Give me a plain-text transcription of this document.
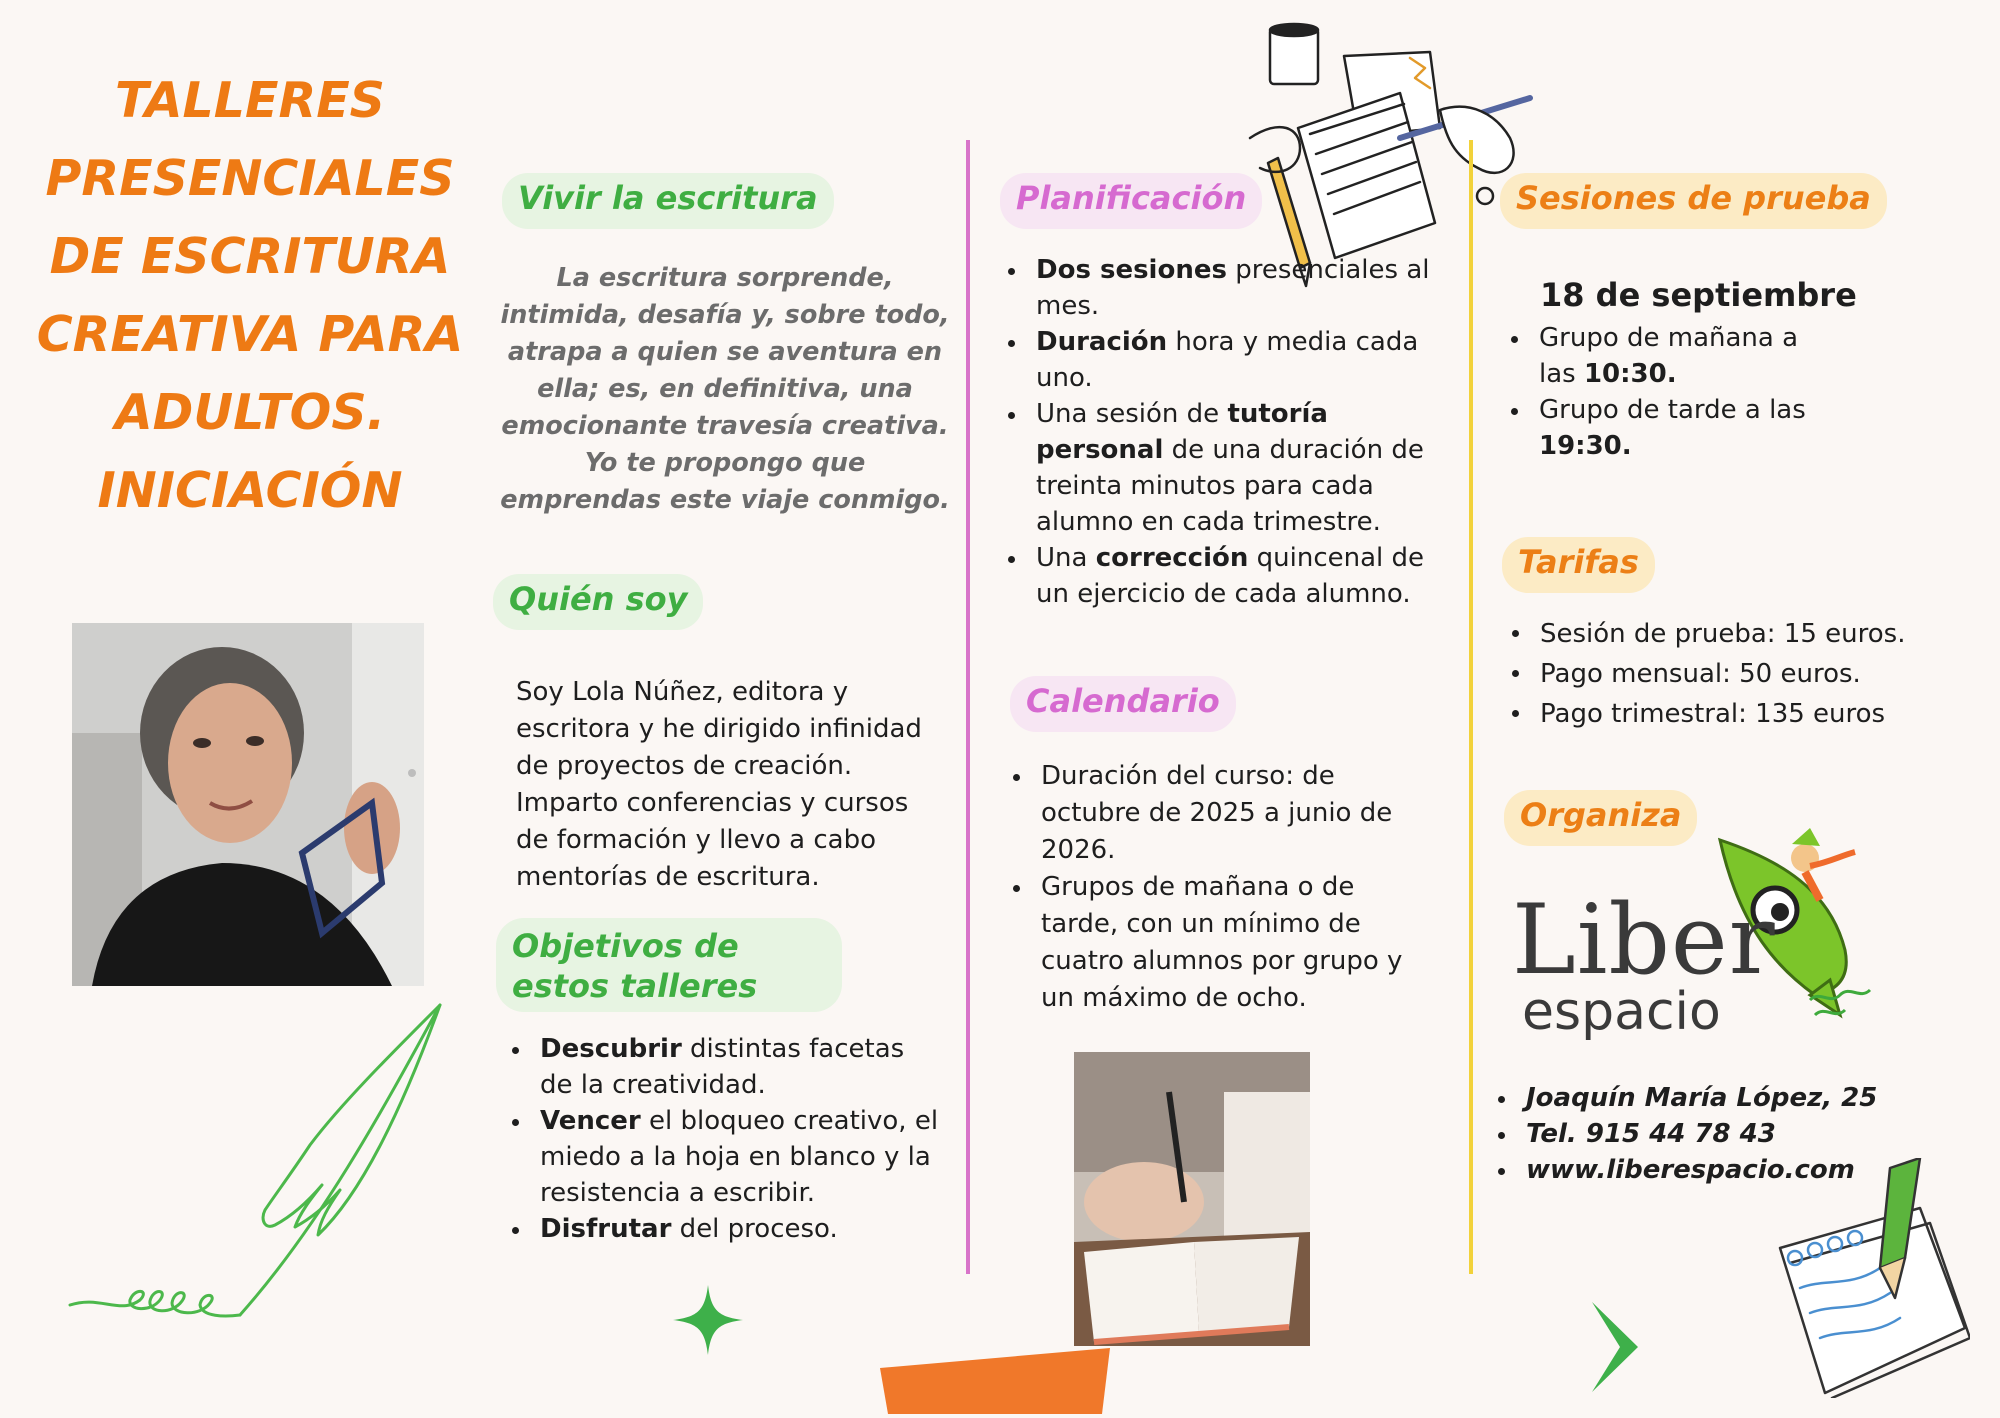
TALLERES PRESENCIALES DE ESCRITURA CREATIVA PARA ADULTOS. INICIACIÓN
Vivir la escritura
La escritura sorprende, intimida, desafía y, sobre todo, atrapa a quien se aventura en ella; es, en definitiva, una emocionante travesía creativa. Yo te propongo que emprendas este viaje conmigo.
Quién soy
Soy Lola Núñez, editora y escritora y he dirigido infinidad de proyectos de creación. Imparto conferencias y cursos de formación y llevo a cabo mentorías de escritura.
Objetivos de estos talleres
Descubrir distintas facetas de la creatividad.
Vencer el bloqueo creativo, el miedo a la hoja en blanco y la resistencia a escribir.
Disfrutar del proceso.
Planificación
Dos sesiones presenciales al mes.
Duración hora y media cada uno.
Una sesión de tutoría personal de una duración de treinta minutos para cada alumno en cada trimestre.
Una corrección quincenal de un ejercicio de cada alumno.
Calendario
Duración del curso: de octubre de 2025 a junio de 2026.
Grupos de mañana o de tarde, con un mínimo de cuatro alumnos por grupo y un máximo de ocho.
Sesiones de prueba
18 de septiembre
Grupo de mañana a las 10:30.
Grupo de tarde a las 19:30.
Tarifas
Sesión de prueba: 15 euros.
Pago mensual: 50 euros.
Pago trimestral: 135 euros
Organiza
Liber
espacio
Joaquín María López, 25
Tel. 915 44 78 43
www.liberespacio.com
